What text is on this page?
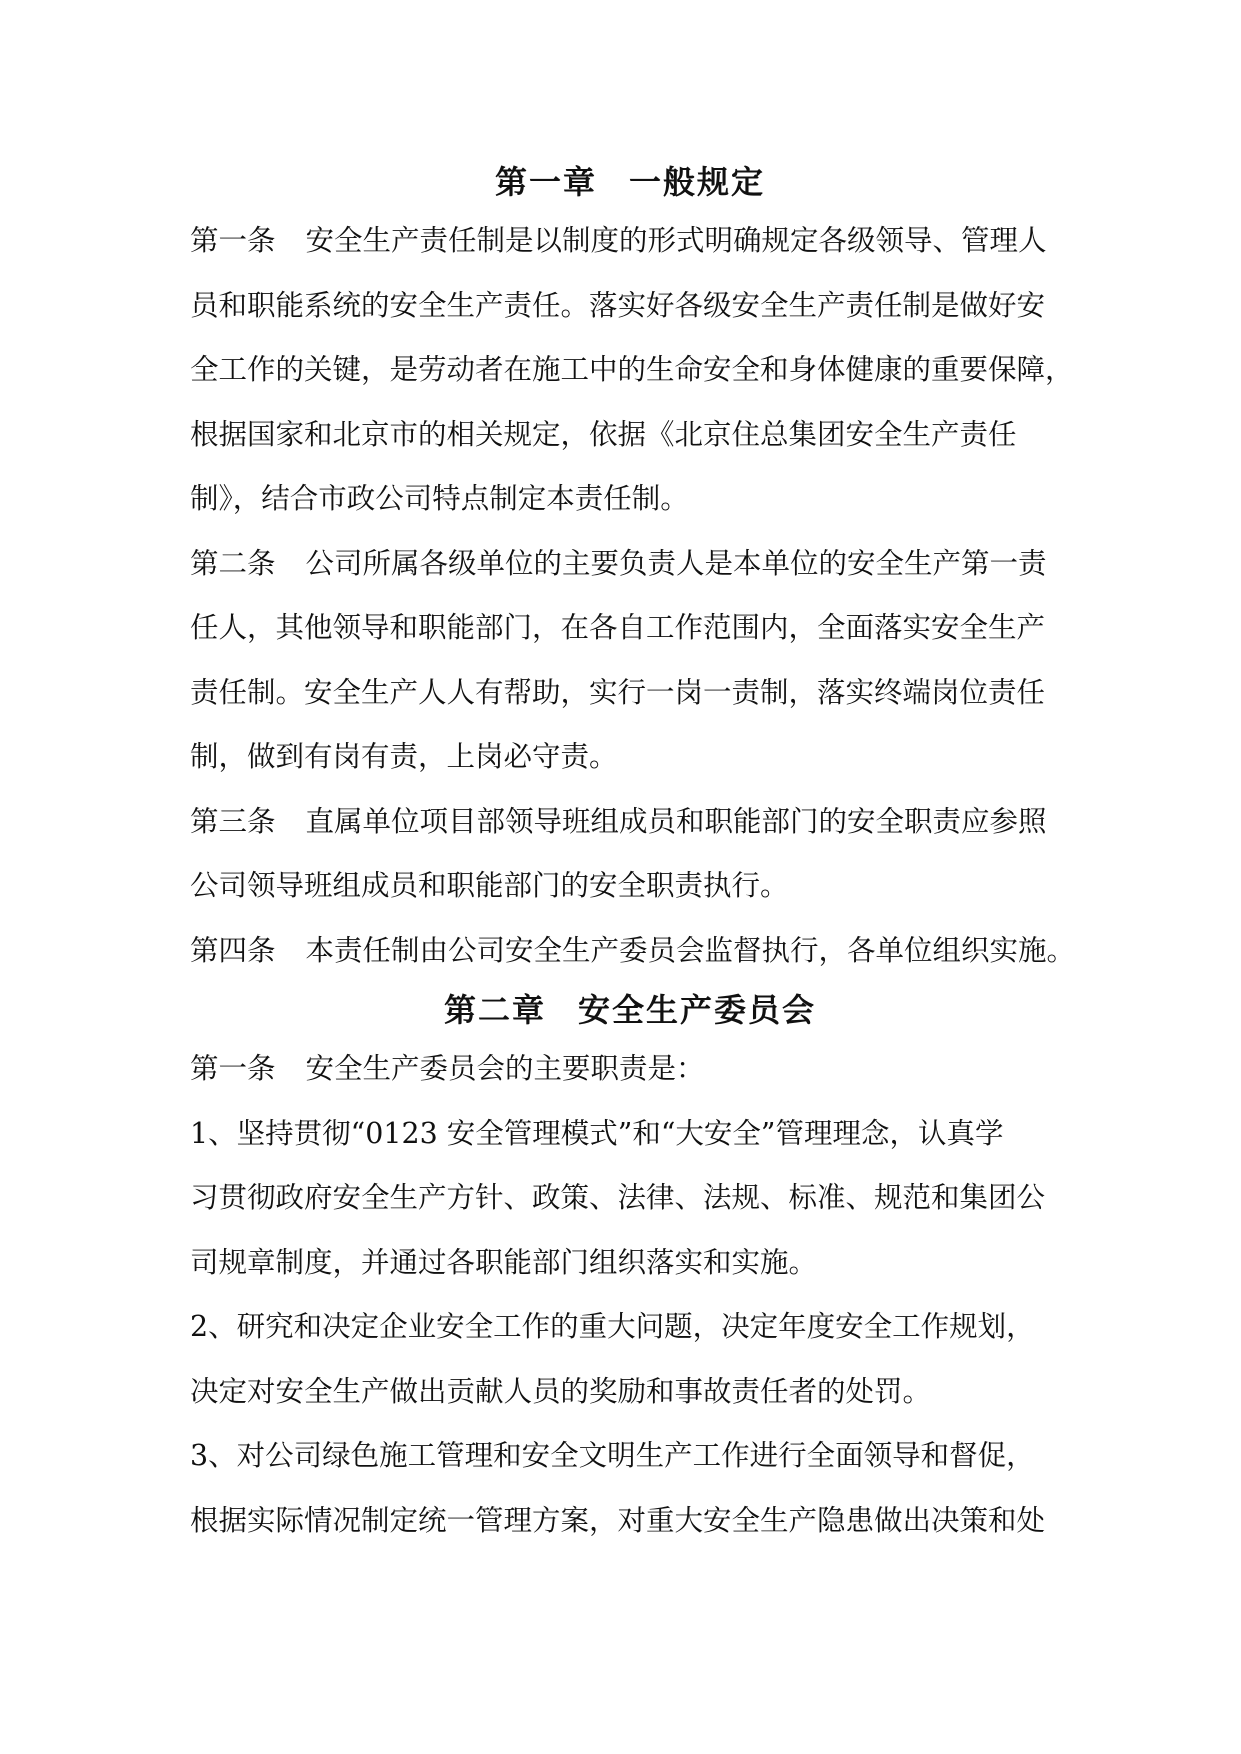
第一章 一般规定
第一条 安全生产责任制是以制度的形式明确规定各级领导、管理人
员和职能系统的安全生产责任。落实好各级安全生产责任制是做好安
全工作的关键，是劳动者在施工中的生命安全和身体健康的重要保障，
根据国家和北京市的相关规定，依据《北京住总集团安全生产责任
制》，结合市政公司特点制定本责任制。
第二条 公司所属各级单位的主要负责人是本单位的安全生产第一责
任人，其他领导和职能部门，在各自工作范围内，全面落实安全生产
责任制。安全生产人人有帮助，实行一岗一责制，落实终端岗位责任
制，做到有岗有责，上岗必守责。
第三条 直属单位项目部领导班组成员和职能部门的安全职责应参照
公司领导班组成员和职能部门的安全职责执行。
第四条 本责任制由公司安全生产委员会监督执行，各单位组织实施。
第二章 安全生产委员会
第一条 安全生产委员会的主要职责是：
1、坚持贯彻“0123 安全管理模式”和“大安全”管理理念，认真学
习贯彻政府安全生产方针、政策、法律、法规、标准、规范和集团公
司规章制度，并通过各职能部门组织落实和实施。
2、研究和决定企业安全工作的重大问题，决定年度安全工作规划，
决定对安全生产做出贡献人员的奖励和事故责任者的处罚。
3、对公司绿色施工管理和安全文明生产工作进行全面领导和督促，
根据实际情况制定统一管理方案，对重大安全生产隐患做出决策和处
